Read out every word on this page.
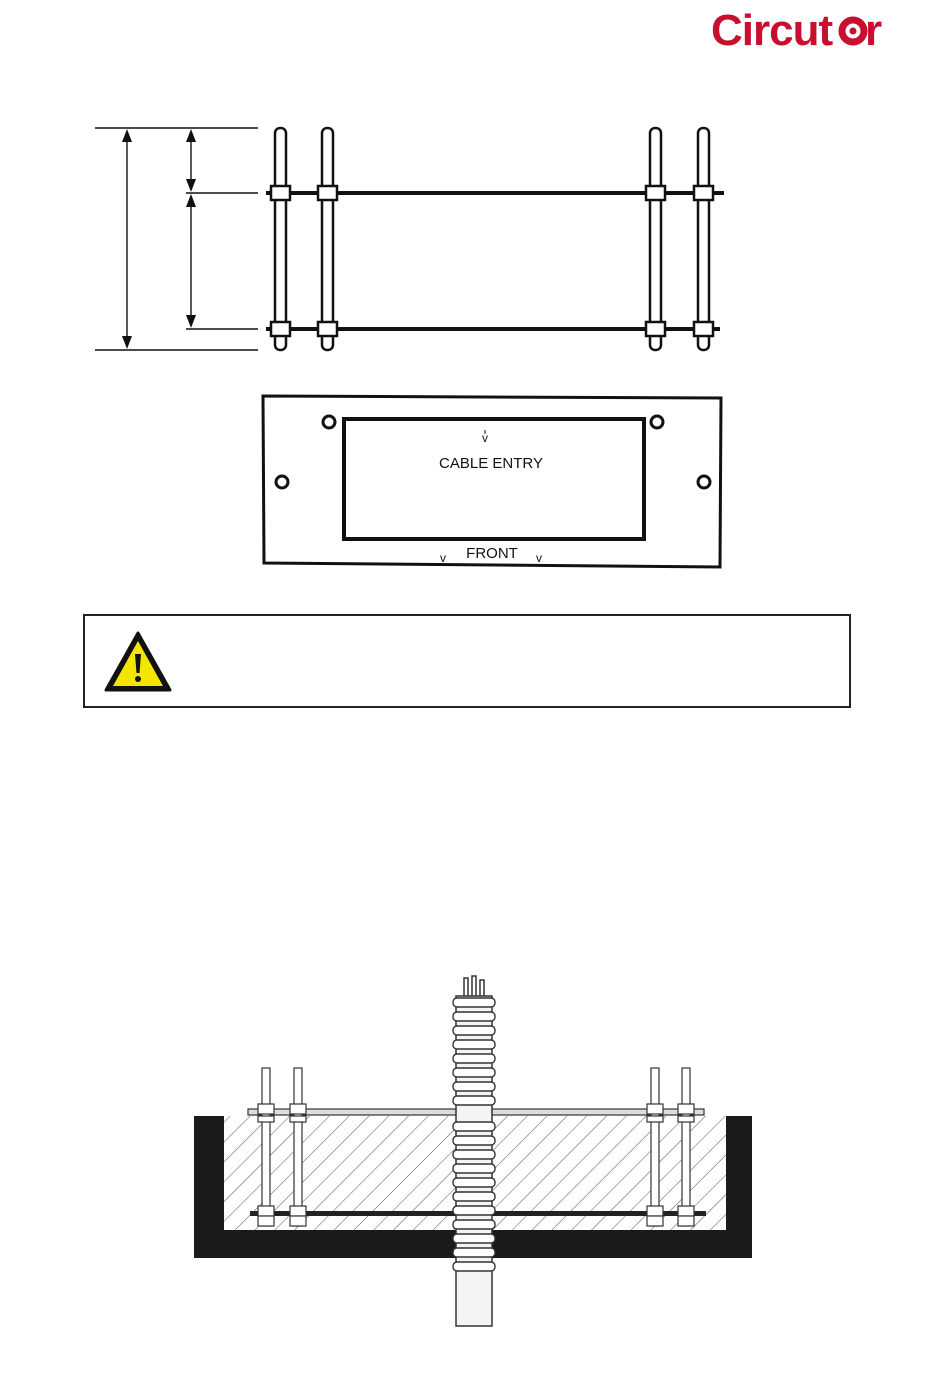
Circut r
v
CABLE ENTRY
v FRONT v
